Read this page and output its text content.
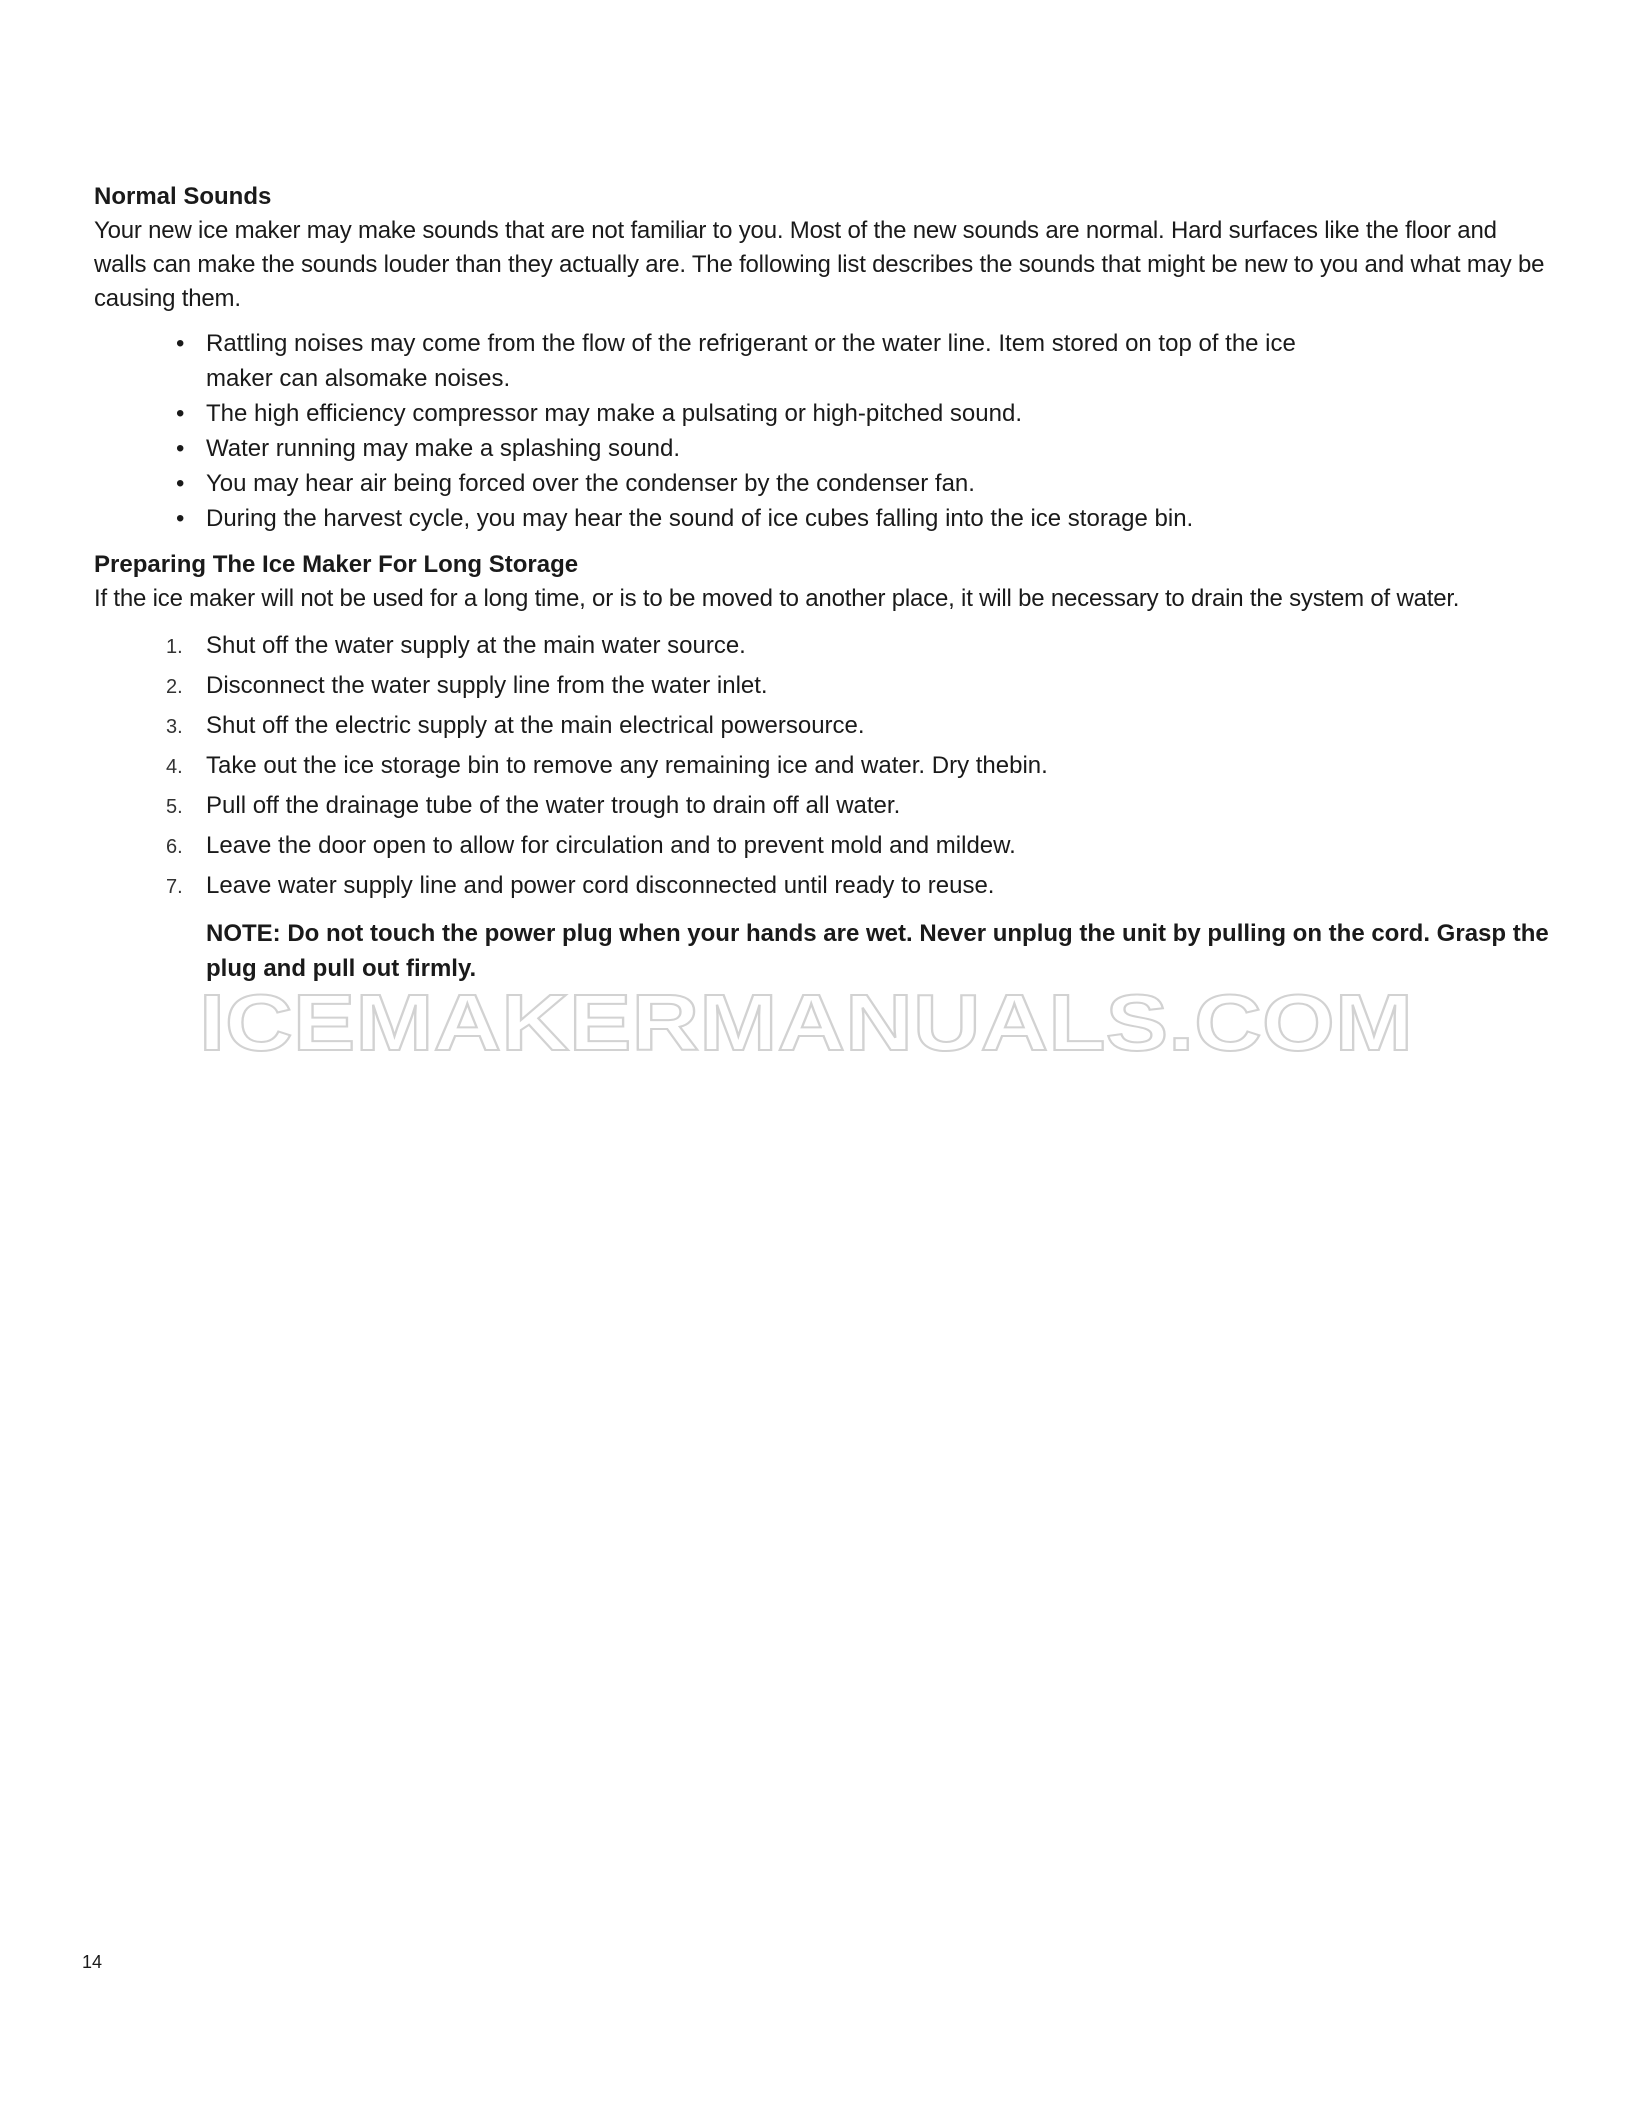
Normal Sounds

Your new ice maker may make sounds that are not familiar to you. Most of the new sounds are normal. Hard surfaces like the floor and walls can make the sounds louder than they actually are. The following list describes the sounds that might be new to you and what may be causing them.

• Rattling noises may come from the flow of the refrigerant or the water line. Item stored on top of the ice maker can alsomake noises.
• The high efficiency compressor may make a pulsating or high-pitched sound.
• Water running may make a splashing sound.
• You may hear air being forced over the condenser by the condenser fan.
• During the harvest cycle, you may hear the sound of ice cubes falling into the ice storage bin.
Preparing The Ice Maker For Long Storage

If the ice maker will not be used for a long time, or is to be moved to another place, it will be necessary to drain the system of water.

1. Shut off the water supply at the main water source.
2. Disconnect the water supply line from the water inlet.
3. Shut off the electric supply at the main electrical powersource.
4. Take out the ice storage bin to remove any remaining ice and water. Dry thebin.
5. Pull off the drainage tube of the water trough to drain off all water.
6. Leave the door open to allow for circulation and to prevent mold and mildew.
7. Leave water supply line and power cord disconnected until ready to reuse.

NOTE: Do not touch the power plug when your hands are wet. Never unplug the unit by pulling on the cord. Grasp the plug and pull out firmly.

ICEMAKERMANUALS.COM
14
